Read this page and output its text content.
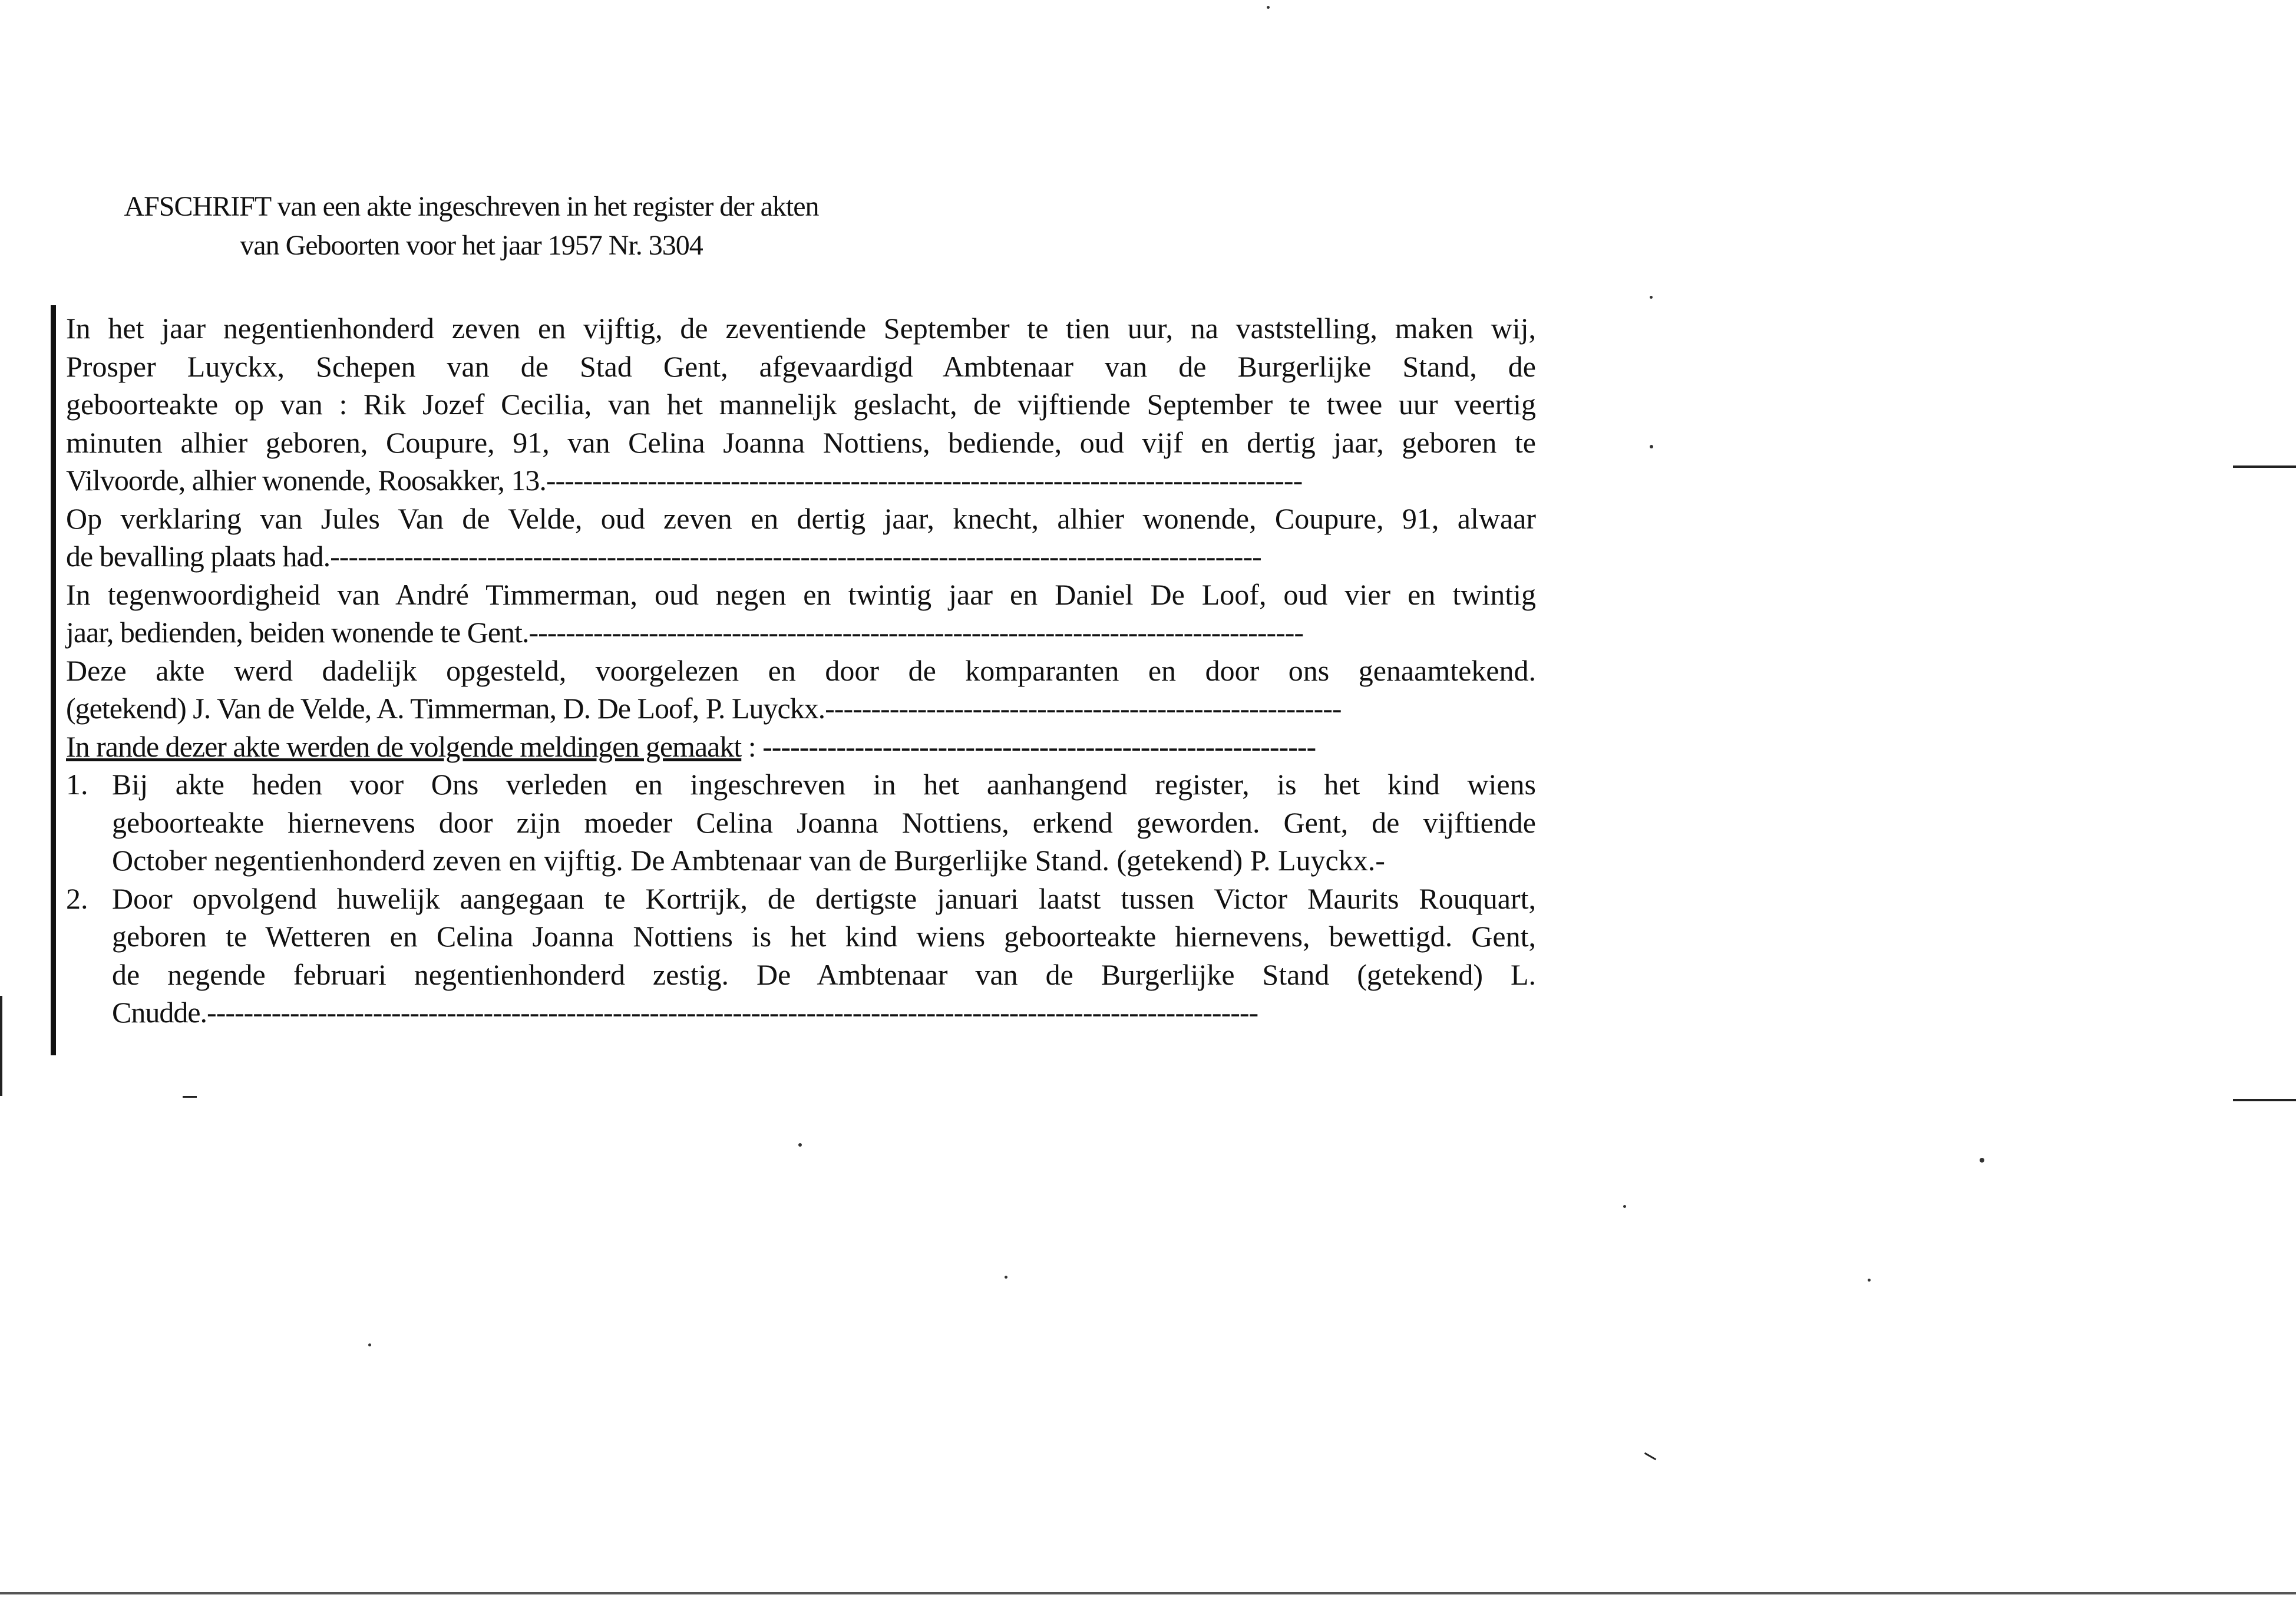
AFSCHRIFT van een akte ingeschreven in het register der akten
van Geboorten voor het jaar 1957 Nr. 3304
In het jaar negentienhonderd zeven en vijftig, de zeventiende September te tien uur, na vaststelling, maken wij,
Prosper Luyckx, Schepen van de Stad Gent, afgevaardigd Ambtenaar van de Burgerlijke Stand, de
geboorteakte op van : Rik Jozef Cecilia, van het mannelijk geslacht, de vijftiende September te twee uur veertig
minuten alhier geboren, Coupure, 91, van Celina Joanna Nottiens, bediende, oud vijf en dertig jaar, geboren te
Vilvoorde, alhier wonende, Roosakker, 13.----------------------------------------------------------------------------------
Op verklaring van Jules Van de Velde, oud zeven en dertig jaar, knecht, alhier wonende, Coupure, 91, alwaar
de bevalling plaats had.-----------------------------------------------------------------------------------------------------
In tegenwoordigheid van André Timmerman, oud negen en twintig jaar en Daniel De Loof, oud vier en twintig
jaar, bedienden, beiden wonende te Gent.------------------------------------------------------------------------------------
Deze akte werd dadelijk opgesteld, voorgelezen en door de komparanten en door ons genaamtekend.
(getekend) J. Van de Velde, A. Timmerman, D. De Loof, P. Luyckx.--------------------------------------------------------
In rande dezer akte werden de volgende meldingen gemaakt : ------------------------------------------------------------
1. Bij akte heden voor Ons verleden en ingeschreven in het aanhangend register, is het kind wiens
geboorteakte hiernevens door zijn moeder Celina Joanna Nottiens, erkend geworden. Gent, de vijftiende
October negentienhonderd zeven en vijftig. De Ambtenaar van de Burgerlijke Stand. (getekend) P. Luyckx.-
2. Door opvolgend huwelijk aangegaan te Kortrijk, de dertigste januari laatst tussen Victor Maurits Rouquart,
geboren te Wetteren en Celina Joanna Nottiens is het kind wiens geboorteakte hiernevens, bewettigd. Gent,
de negende februari negentienhonderd zestig. De Ambtenaar van de Burgerlijke Stand (getekend) L.
Cnudde.------------------------------------------------------------------------------------------------------------------
